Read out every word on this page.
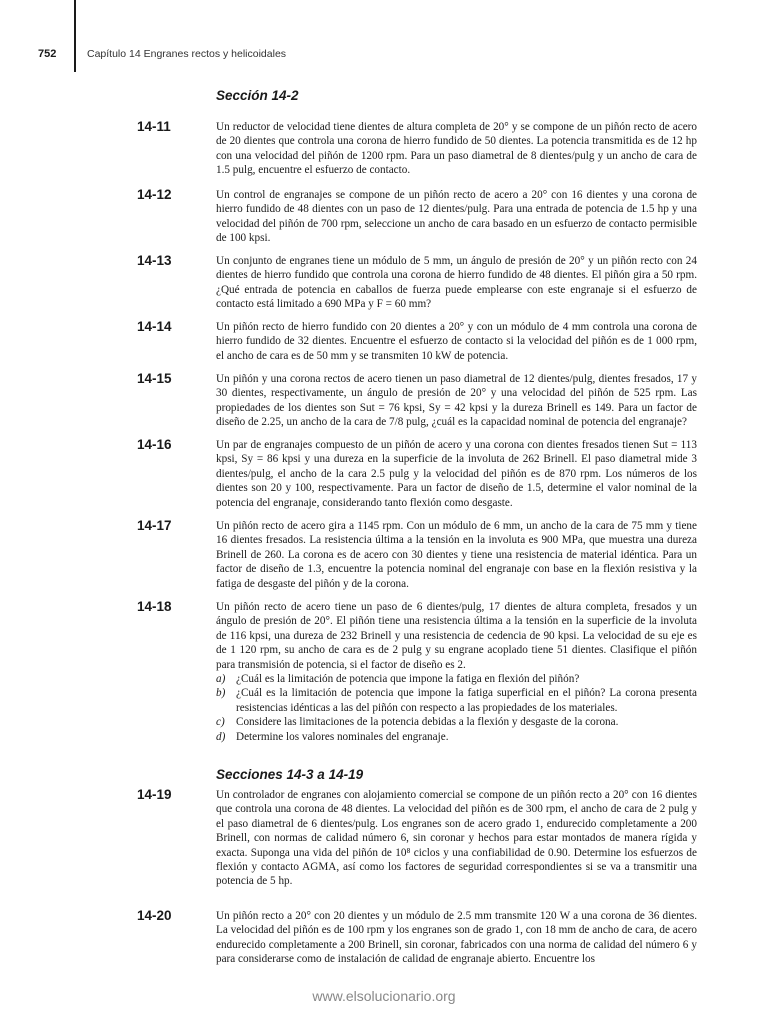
752	Capítulo 14 Engranes rectos y helicoidales
Sección 14-2
14-11	Un reductor de velocidad tiene dientes de altura completa de 20° y se compone de un piñón recto de acero de 20 dientes que controla una corona de hierro fundido de 50 dientes. La potencia transmitida es de 12 hp con una velocidad del piñón de 1200 rpm. Para un paso diametral de 8 dientes/pulg y un ancho de cara de 1.5 pulg, encuentre el esfuerzo de contacto.
14-12	Un control de engranajes se compone de un piñón recto de acero a 20° con 16 dientes y una corona de hierro fundido de 48 dientes con un paso de 12 dientes/pulg. Para una entrada de potencia de 1.5 hp y una velocidad del piñón de 700 rpm, seleccione un ancho de cara basado en un esfuerzo de contacto permisible de 100 kpsi.
14-13	Un conjunto de engranes tiene un módulo de 5 mm, un ángulo de presión de 20° y un piñón recto con 24 dientes de hierro fundido que controla una corona de hierro fundido de 48 dientes. El piñón gira a 50 rpm. ¿Qué entrada de potencia en caballos de fuerza puede emplearse con este engranaje si el esfuerzo de contacto está limitado a 690 MPa y F = 60 mm?
14-14	Un piñón recto de hierro fundido con 20 dientes a 20° y con un módulo de 4 mm controla una corona de hierro fundido de 32 dientes. Encuentre el esfuerzo de contacto si la velocidad del piñón es de 1 000 rpm, el ancho de cara es de 50 mm y se transmiten 10 kW de potencia.
14-15	Un piñón y una corona rectos de acero tienen un paso diametral de 12 dientes/pulg, dientes fresados, 17 y 30 dientes, respectivamente, un ángulo de presión de 20° y una velocidad del piñón de 525 rpm. Las propiedades de los dientes son Sut = 76 kpsi, Sy = 42 kpsi y la dureza Brinell es 149. Para un factor de diseño de 2.25, un ancho de la cara de 7/8 pulg, ¿cuál es la capacidad nominal de potencia del engranaje?
14-16	Un par de engranajes compuesto de un piñón de acero y una corona con dientes fresados tienen Sut = 113 kpsi, Sy = 86 kpsi y una dureza en la superficie de la involuta de 262 Brinell. El paso diametral mide 3 dientes/pulg, el ancho de la cara 2.5 pulg y la velocidad del piñón es de 870 rpm. Los números de los dientes son 20 y 100, respectivamente. Para un factor de diseño de 1.5, determine el valor nominal de la potencia del engranaje, considerando tanto flexión como desgaste.
14-17	Un piñón recto de acero gira a 1145 rpm. Con un módulo de 6 mm, un ancho de la cara de 75 mm y tiene 16 dientes fresados. La resistencia última a la tensión en la involuta es 900 MPa, que muestra una dureza Brinell de 260. La corona es de acero con 30 dientes y tiene una resistencia de material idéntica. Para un factor de diseño de 1.3, encuentre la potencia nominal del engranaje con base en la flexión resistiva y la fatiga de desgaste del piñón y de la corona.
14-18	Un piñón recto de acero tiene un paso de 6 dientes/pulg, 17 dientes de altura completa, fresados y un ángulo de presión de 20°. El piñón tiene una resistencia última a la tensión en la superficie de la involuta de 116 kpsi, una dureza de 232 Brinell y una resistencia de cedencia de 90 kpsi. La velocidad de su eje es de 1 120 rpm, su ancho de cara es de 2 pulg y su engrane acoplado tiene 51 dientes. Clasifique el piñón para transmisión de potencia, si el factor de diseño es 2.
a) ¿Cuál es la limitación de potencia que impone la fatiga en flexión del piñón?
b) ¿Cuál es la limitación de potencia que impone la fatiga superficial en el piñón? La corona presenta resistencias idénticas a las del piñón con respecto a las propiedades de los materiales.
c)	Considere las limitaciones de la potencia debidas a la flexión y desgaste de la corona.
d) Determine los valores nominales del engranaje.
Secciones 14-3 a 14-19
14-19	Un controlador de engranes con alojamiento comercial se compone de un piñón recto a 20° con 16 dientes que controla una corona de 48 dientes. La velocidad del piñón es de 300 rpm, el ancho de cara de 2 pulg y el paso diametral de 6 dientes/pulg. Los engranes son de acero grado 1, endurecido completamente a 200 Brinell, con normas de calidad número 6, sin coronar y hechos para estar montados de manera rígida y exacta. Suponga una vida del piñón de 10⁸ ciclos y una confiabilidad de 0.90. Determine los esfuerzos de flexión y contacto AGMA, así como los factores de seguridad correspondientes si se va a transmitir una potencia de 5 hp.
14-20	Un piñón recto a 20° con 20 dientes y un módulo de 2.5 mm transmite 120 W a una corona de 36 dientes. La velocidad del piñón es de 100 rpm y los engranes son de grado 1, con 18 mm de ancho de cara, de acero endurecido completamente a 200 Brinell, sin coronar, fabricados con una norma de calidad del número 6 y para considerarse como de instalación de calidad de engranaje abierto. Encuentre los
www.elsolucionario.org
